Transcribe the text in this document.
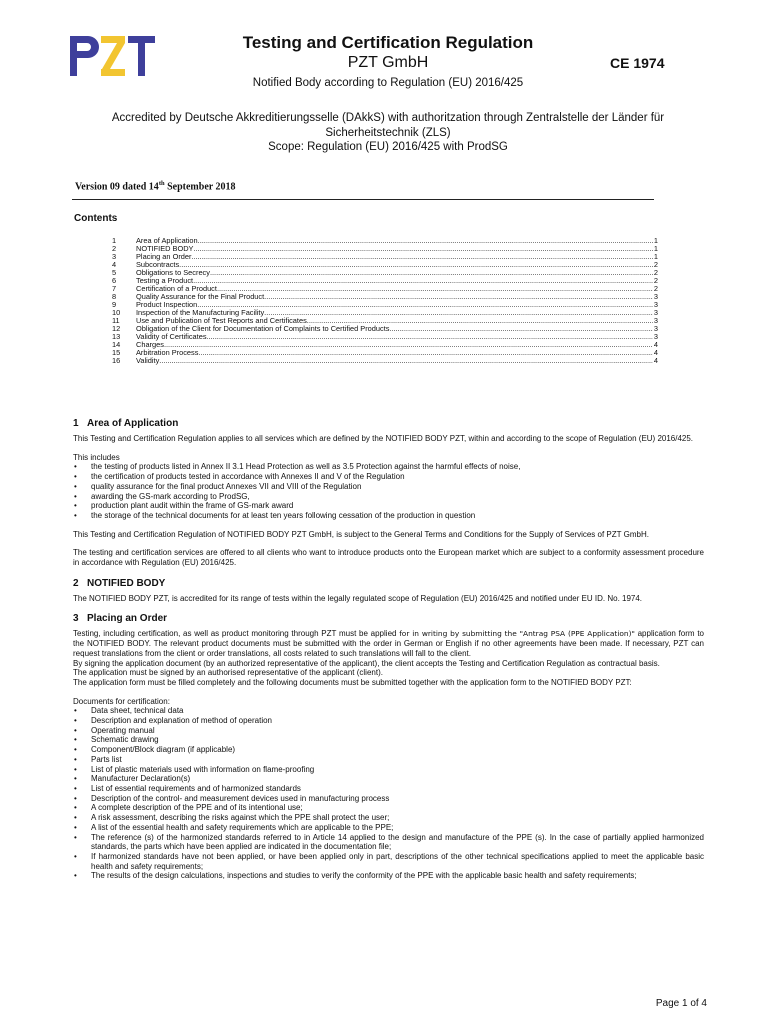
Testing and Certification Regulation
PZT GmbH
Notified Body according to Regulation (EU) 2016/425
CE 1974
Accredited by Deutsche Akkreditierungsselle (DAkkS) with authoritzation through Zentralstelle der Länder für
Sicherheitstechnik (ZLS)
Scope: Regulation (EU) 2016/425 with ProdSG
Version 09 dated 14th September 2018
Contents
1	Area of Application .....	1
2	NOTIFIED BODY .....	1
3	Placing an Order .....	1
4	Subcontracts .....	2
5	Obligations to Secrecy .....	2
6	Testing a Product .....	2
7	Certification of a Product .....	2
8	Quality Assurance for the Final Product .....	3
9	Product Inspection .....	3
10	Inspection of the Manufacturing Facility .....	3
11	Use and Publication of Test Reports and Certificates .....	3
12	Obligation of the Client for Documentation of Complaints to Certified Products .....	3
13	Validity of Certificates .....	3
14	Charges .....	4
15	Arbitration Process .....	4
16	Validity .....	4
1 Area of Application

This Testing and Certification Regulation applies to all services which are defined by the NOTIFIED BODY PZT, within and according to the scope of Regulation (EU) 2016/425.

This includes

• the testing of products listed in Annex II 3.1 Head Protection as well as 3.5 Protection against the harmful effects of noise,
• the certification of products tested in accordance with Annexes II and V of the Regulation
• quality assurance for the final product Annexes VII and VIII of the Regulation
• awarding the GS-mark according to ProdSG,
• production plant audit within the frame of GS-mark award
• the storage of the technical documents for at least ten years following cessation of the production in question

This Testing and Certification Regulation of NOTIFIED BODY PZT GmbH, is subject to the General Terms and Conditions for the Supply of Services of PZT GmbH.

The testing and certification services are offered to all clients who want to introduce products onto the European market which are subject to a conformity assessment procedure in accordance with Regulation (EU) 2016/425.

2 NOTIFIED BODY

The NOTIFIED BODY PZT, is accredited for its range of tests within the legally regulated scope of Regulation (EU) 2016/425 and notified under EU ID. No. 1974.

3 Placing an Order

Testing, including certification, as well as product monitoring through PZT must be applied for in writing by submitting the "Antrag PSA (PPE Application)" application form to the NOTIFIED BODY. The relevant product documents must be submitted with the order in German or English if no other agreements have been made. If necessary, PZT can request translations from the client or order translations, all costs related to such translations will fall to the client.

By signing the application document (by an authorized representative of the applicant), the client accepts the Testing and Certification Regulation as contractual basis.

The application must be signed by an authorised representative of the applicant (client).

The application form must be filled completely and the following documents must be submitted together with the application form to the NOTIFIED BODY PZT:

Documents for certification:

• Data sheet, technical data
• Description and explanation of method of operation
• Operating manual
• Schematic drawing
• Component/Block diagram (if applicable)
• Parts list
• List of plastic materials used with information on flame-proofing
• Manufacturer Declaration(s)
• List of essential requirements and of harmonized standards
• Description of the control- and measurement devices used in manufacturing process
• A complete description of the PPE and of its intentional use;
• A risk assessment, describing the risks against which the PPE shall protect the user;
• A list of the essential health and safety requirements which are applicable to the PPE;
• The reference (s) of the harmonized standards referred to in Article 14 applied to the design and manufacture of the PPE (s). In the case of partially applied harmonized standards, the parts which have been applied are indicated in the documentation file;
• If harmonized standards have not been applied, or have been applied only in part, descriptions of the other technical specifications applied to meet the applicable basic health and safety requirements;
• The results of the design calculations, inspections and studies to verify the conformity of the PPE with the applicable basic health and safety requirements;
Page 1 of 4
